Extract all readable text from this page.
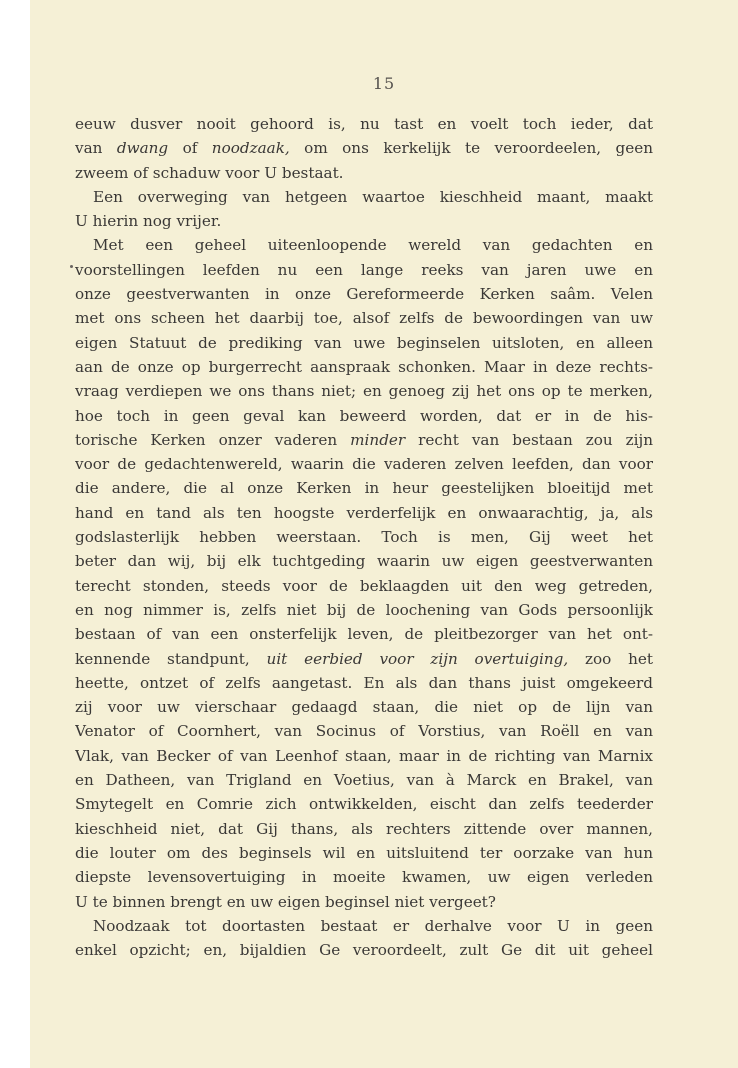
15
eeuw dusver nooit gehoord is, nu tast en voelt toch ieder, dat
van dwang of noodzaak, om ons kerkelijk te veroordeelen, geen
zweem of schaduw voor U bestaat.
Een overweging van hetgeen waartoe kieschheid maant, maakt
U hierin nog vrijer.
Met een geheel uiteenloopende wereld van gedachten en
voorstellingen leefden nu een lange reeks van jaren uwe en
onze geestverwanten in onze Gereformeerde Kerken saâm. Velen
met ons scheen het daarbij toe, alsof zelfs de bewoordingen van uw
eigen Statuut de prediking van uwe beginselen uitsloten, en alleen
aan de onze op burgerrecht aanspraak schonken. Maar in deze rechts-
vraag verdiepen we ons thans niet; en genoeg zij het ons op te merken,
hoe toch in geen geval kan beweerd worden, dat er in de his-
torische Kerken onzer vaderen minder recht van bestaan zou zijn
voor de gedachtenwereld, waarin die vaderen zelven leefden, dan voor
die andere, die al onze Kerken in heur geestelijken bloeitijd met
hand en tand als ten hoogste verderfelijk en onwaarachtig, ja, als
godslasterlijk hebben weerstaan. Toch is men, Gij weet het
beter dan wij, bij elk tuchtgeding waarin uw eigen geestverwanten
terecht stonden, steeds voor de beklaagden uit den weg getreden,
en nog nimmer is, zelfs niet bij de loochening van Gods persoonlijk
bestaan of van een onsterfelijk leven, de pleitbezorger van het ont-
kennende standpunt, uit eerbied voor zijn overtuiging, zoo het
heette, ontzet of zelfs aangetast. En als dan thans juist omgekeerd
zij voor uw vierschaar gedaagd staan, die niet op de lijn van
Venator of Coornhert, van Socinus of Vorstius, van Roëll en van
Vlak, van Becker of van Leenhof staan, maar in de richting van Marnix
en Datheen, van Trigland en Voetius, van à Marck en Brakel, van
Smytegelt en Comrie zich ontwikkelden, eischt dan zelfs teederder
kieschheid niet, dat Gij thans, als rechters zittende over mannen,
die louter om des beginsels wil en uitsluitend ter oorzake van hun
diepste levensovertuiging in moeite kwamen, uw eigen verleden
U te binnen brengt en uw eigen beginsel niet vergeet?
Noodzaak tot doortasten bestaat er derhalve voor U in geen
enkel opzicht; en, bijaldien Ge veroordeelt, zult Ge dit uit geheel
